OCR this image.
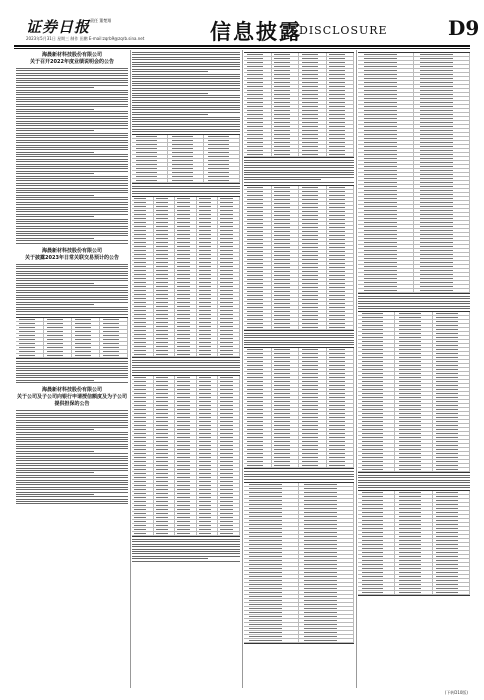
证券日报 责任 董楚翔
2023年5月31日 星期三 制作 田鹏 E-mail:zqrb9@zqrb.sina.net	信息披露
DISCLOSURE	D9
海晨新材科技股份有限公司
关于召开2022年度业绩说明会的公告
海晨新材科技股份有限公司
关于披露2023年日常关联交易预计的公告
海晨新材科技股份有限公司
关于公司及子公司向银行申请授信额度及为子公司提供担保的公告
(下转D10版)
